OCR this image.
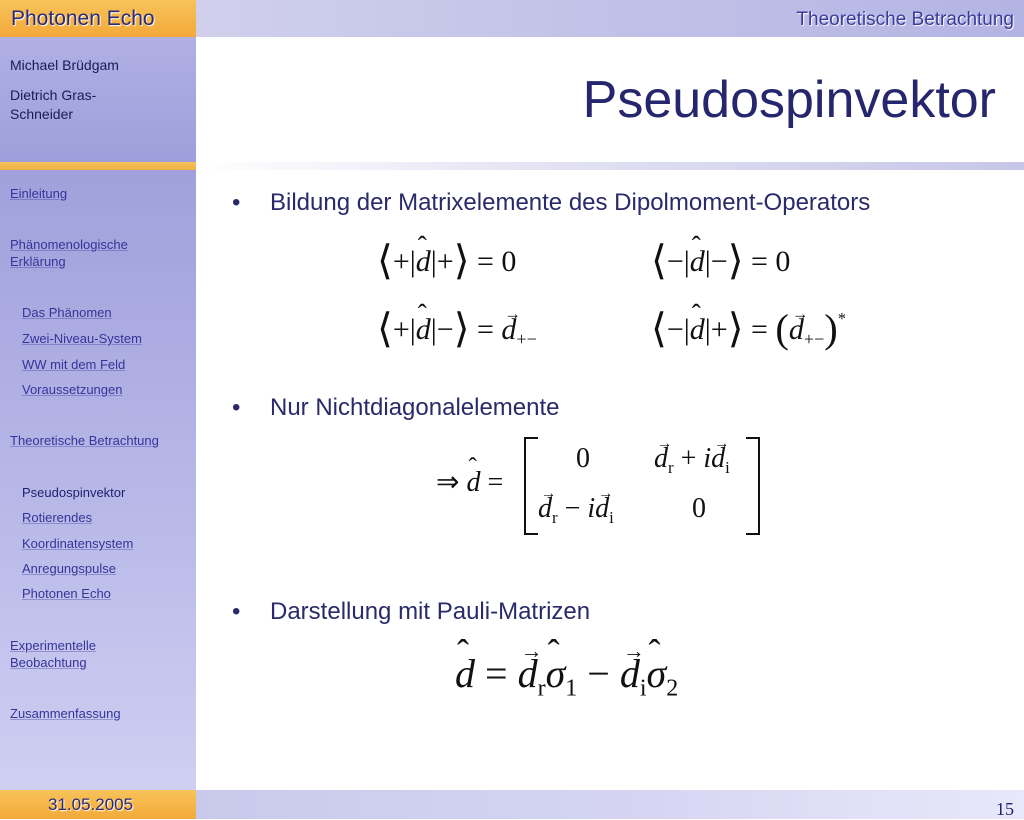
Photonen Echo	Theoretische Betrachtung
Michael Brüdgam
Dietrich Gras-Schneider
Einleitung
Phänomenologische Erklärung
Das Phänomen
Zwei-Niveau-System
WW mit dem Feld
Voraussetzungen
Theoretische Betrachtung
Pseudospinvektor
Rotierendes
Koordinatensystem
Anregungspulse
Photonen Echo
Experimentelle Beobachtung
Zusammenfassung
Pseudospinvektor
• Bildung der Matrixelemente des Dipolmoment-Operators
⟨+|ˆ d|+⟩ = 0	⟨−|ˆ d|−⟩ = 0
⟨+|ˆ d|−⟩ = → $d_{+-}$	⟨−|ˆ d|+⟩ = (→ $d_{+-})^*$
• Nur Nichtdiagonalelemente
⇒ ˆ d =
0
→ $d_r + i\to d_i$
→ $d_r - i\to d_i$	0
• Darstellung mit Pauli-Matrizen
ˆ d = → $d_rˆ$ $\sigma_1$ − → $d_iˆ$ $\sigma_2$
31.05.2005	15
